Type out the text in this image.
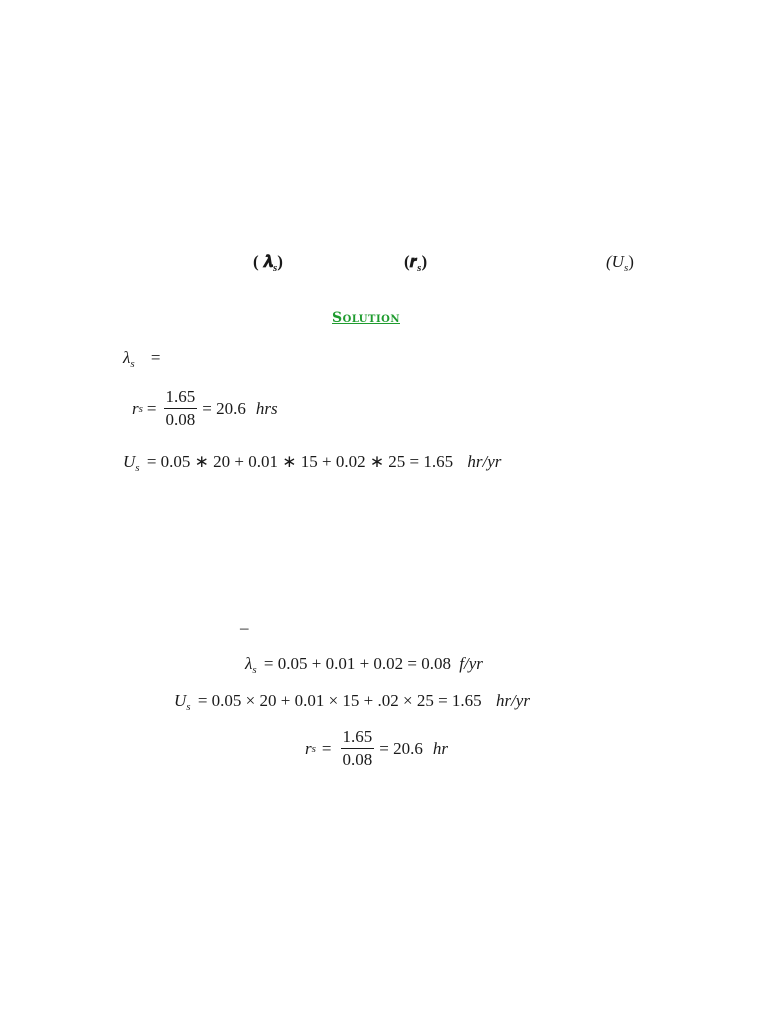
( 𝝀$_s$)	(𝒓$_s$)	$(U_s)$
Solution
$\lambda_s$ =
r $s = \frac{1.65}{0.08} = 20.6$ hrs
$U_s = 0.05$ ∗ 20 + 0.01 ∗ 15 + 0.02 ∗ 25 = 1.65 hr/yr
–
$\lambda_s = 0.05 + 0.01 + 0.02 = 0.08$ f/yr
$U_s = 0.05 \times 20 + 0.01 \times 15 + .02 \times 25 = 1.65$ hr/yr
r $s = \frac{1.65}{0.08} = 20.6$ hr
